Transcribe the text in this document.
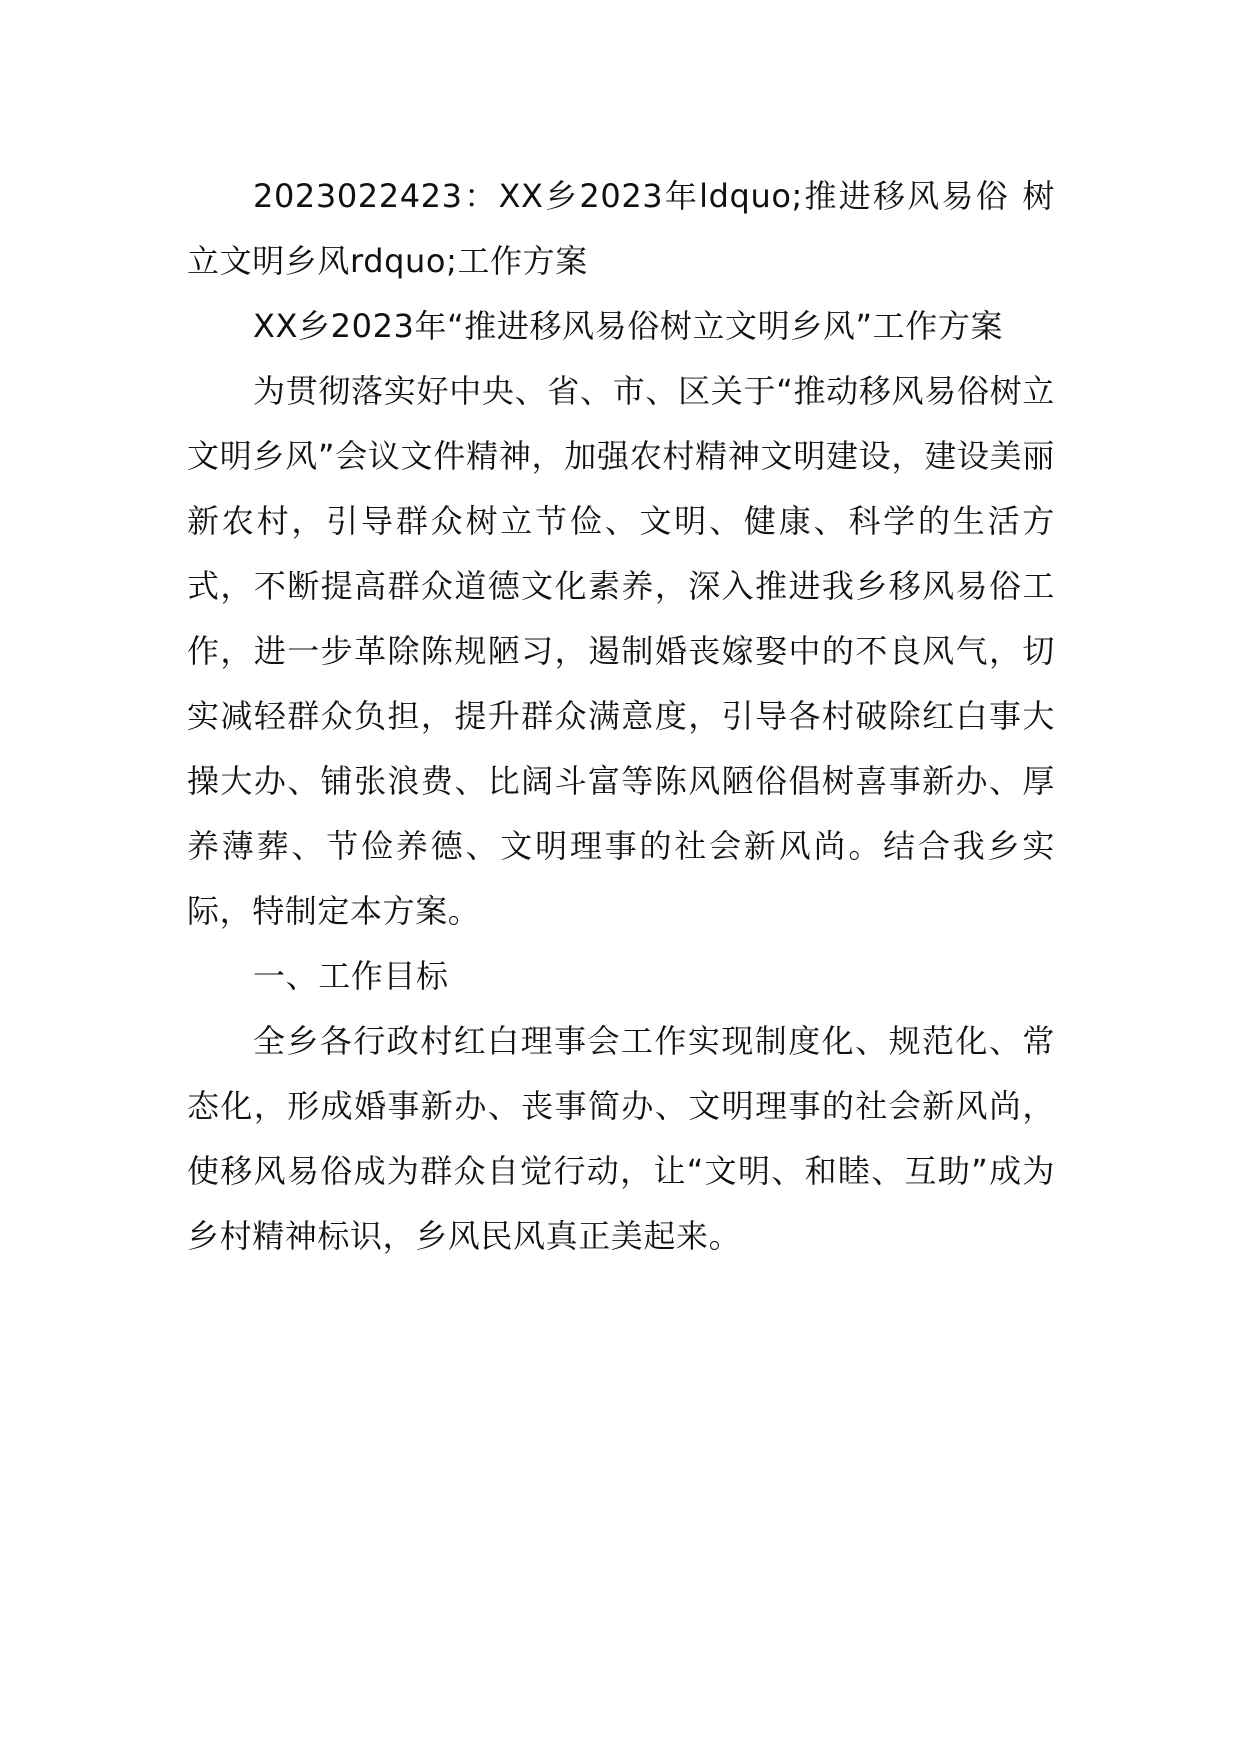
2023022423：XX乡2023年ldquo;推进移风易俗 树立文明乡风rdquo;工作方案

XX乡2023年“推进移风易俗树立文明乡风”工作方案

为贯彻落实好中央、省、市、区关于“推动移风易俗树立文明乡风”会议文件精神，加强农村精神文明建设，建设美丽新农村，引导群众树立节俭、文明、健康、科学的生活方式，不断提高群众道德文化素养，深入推进我乡移风易俗工作，进一步革除陈规陋习，遏制婚丧嫁娶中的不良风气，切实减轻群众负担，提升群众满意度，引导各村破除红白事大操大办、铺张浪费、比阔斗富等陈风陋俗倡树喜事新办、厚养薄葬、节俭养德、文明理事的社会新风尚。结合我乡实际，特制定本方案。

一、工作目标

全乡各行政村红白理事会工作实现制度化、规范化、常态化，形成婚事新办、丧事简办、文明理事的社会新风尚，使移风易俗成为群众自觉行动，让“文明、和睦、互助”成为乡村精神标识，乡风民风真正美起来。
